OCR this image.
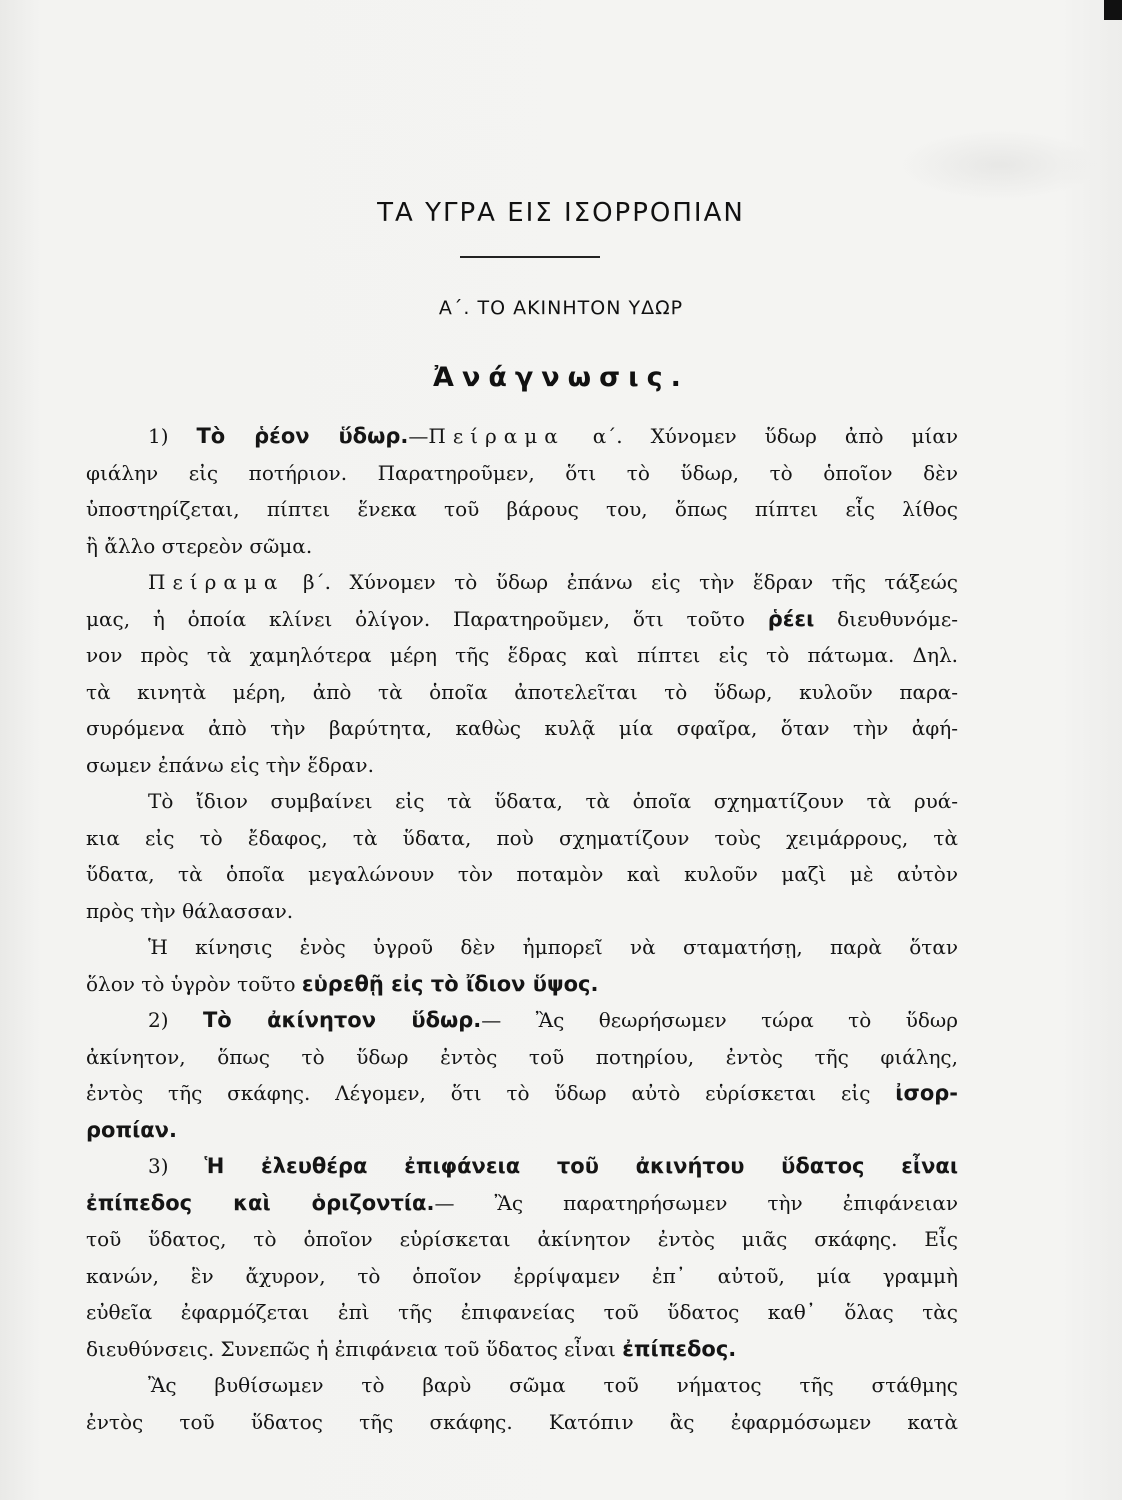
ΤΑ ΥΓΡΑ ΕΙΣ ΙΣΟΡΡΟΠΙΑΝ
Α΄. ΤΟ ΑΚΙΝΗΤΟΝ ΥΔΩΡ
Ἀνάγνωσις.
1) Τὸ ῥέον ὕδωρ.—Πείραμα α΄. Χύνομεν ὕδωρ ἀπὸ μίαν
φιάλην εἰς ποτήριον. Παρατηροῦμεν, ὅτι τὸ ὕδωρ, τὸ ὁποῖον δὲν
ὑποστηρίζεται, πίπτει ἕνεκα τοῦ βάρους του, ὅπως πίπτει εἷς λίθος
ἢ ἄλλο στερεὸν σῶμα.
Πείραμα β΄. Χύνομεν τὸ ὕδωρ ἐπάνω εἰς τὴν ἕδραν τῆς τάξεώς
μας, ἡ ὁποία κλίνει ὀλίγον. Παρατηροῦμεν, ὅτι τοῦτο ῥέει διευθυνόμε-
νον πρὸς τὰ χαμηλότερα μέρη τῆς ἕδρας καὶ πίπτει εἰς τὸ πάτωμα. Δηλ.
τὰ κινητὰ μέρη, ἀπὸ τὰ ὁποῖα ἀποτελεῖται τὸ ὕδωρ, κυλοῦν παρα-
συρόμενα ἀπὸ τὴν βαρύτητα, καθὼς κυλᾷ μία σφαῖρα, ὅταν τὴν ἀφή-
σωμεν ἐπάνω εἰς τὴν ἕδραν.
Τὸ ἴδιον συμβαίνει εἰς τὰ ὕδατα, τὰ ὁποῖα σχηματίζουν τὰ ρυά-
κια εἰς τὸ ἔδαφος, τὰ ὕδατα, ποὺ σχηματίζουν τοὺς χειμάρρους, τὰ
ὕδατα, τὰ ὁποῖα μεγαλώνουν τὸν ποταμὸν καὶ κυλοῦν μαζὶ μὲ αὐτὸν
πρὸς τὴν θάλασσαν.
Ἡ κίνησις ἑνὸς ὑγροῦ δὲν ἠμπορεῖ νὰ σταματήσῃ, παρὰ ὅταν
ὅλον τὸ ὑγρὸν τοῦτο εὑρεθῇ εἰς τὸ ἴδιον ὕψος.
2) Τὸ ἀκίνητον ὕδωρ.— Ἂς θεωρήσωμεν τώρα τὸ ὕδωρ
ἀκίνητον, ὅπως τὸ ὕδωρ ἐντὸς τοῦ ποτηρίου, ἐντὸς τῆς φιάλης,
ἐντὸς τῆς σκάφης. Λέγομεν, ὅτι τὸ ὕδωρ αὐτὸ εὑρίσκεται εἰς ἰσορ-
ροπίαν.
3) Ἡ ἐλευθέρα ἐπιφάνεια τοῦ ἀκινήτου ὕδατος εἶναι
ἐπίπεδος καὶ ὁριζοντία.— Ἂς παρατηρήσωμεν τὴν ἐπιφάνειαν
τοῦ ὕδατος, τὸ ὁποῖον εὑρίσκεται ἀκίνητον ἐντὸς μιᾶς σκάφης. Εἷς
κανών, ἓν ἄχυρον, τὸ ὁποῖον ἐρρίψαμεν ἐπ᾿ αὐτοῦ, μία γραμμὴ
εὐθεῖα ἐφαρμόζεται ἐπὶ τῆς ἐπιφανείας τοῦ ὕδατος καθ᾿ ὅλας τὰς
διευθύνσεις. Συνεπῶς ἡ ἐπιφάνεια τοῦ ὕδατος εἶναι ἐπίπεδος.
Ἂς βυθίσωμεν τὸ βαρὺ σῶμα τοῦ νήματος τῆς στάθμης
ἐντὸς τοῦ ὕδατος τῆς σκάφης. Κατόπιν ἂς ἐφαρμόσωμεν κατὰ
